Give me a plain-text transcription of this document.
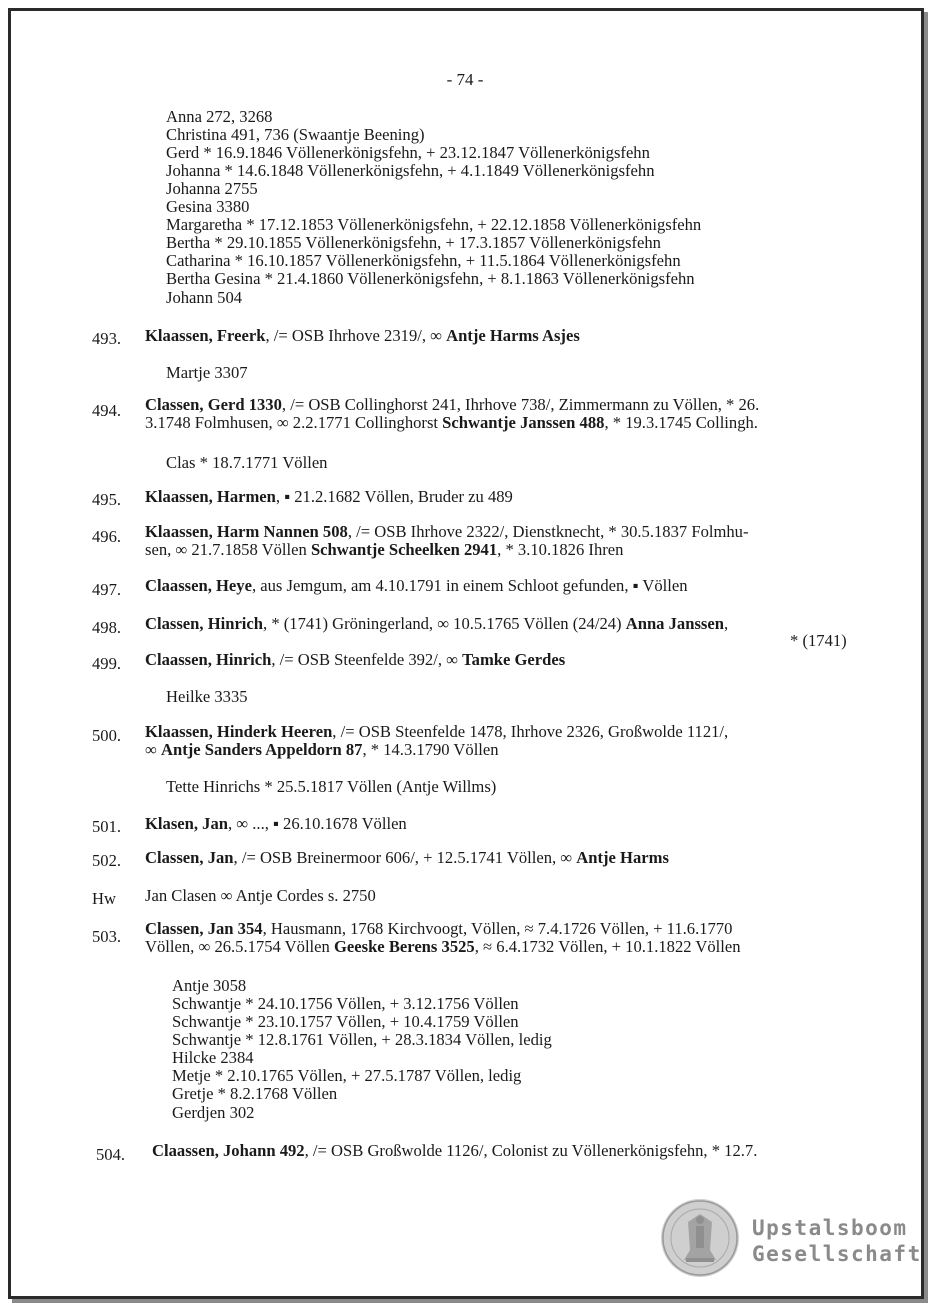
- 74 -
Anna 272, 3268
Christina 491, 736 (Swaantje Beening)
Gerd * 16.9.1846 Völlenerkönigsfehn, + 23.12.1847 Völlenerkönigsfehn
Johanna * 14.6.1848 Völlenerkönigsfehn, + 4.1.1849 Völlenerkönigsfehn
Johanna 2755
Gesina 3380
Margaretha * 17.12.1853 Völlenerkönigsfehn, + 22.12.1858 Völlenerkönigsfehn
Bertha * 29.10.1855 Völlenerkönigsfehn, + 17.3.1857 Völlenerkönigsfehn
Catharina * 16.10.1857 Völlenerkönigsfehn, + 11.5.1864 Völlenerkönigsfehn
Bertha Gesina * 21.4.1860 Völlenerkönigsfehn, + 8.1.1863 Völlenerkönigsfehn
Johann 504
493. Klaassen, Freerk, /= OSB Ihrhove 2319/, ∞ Antje Harms Asjes
Martje 3307
494. Classen, Gerd 1330, /= OSB Collinghorst 241, Ihrhove 738/, Zimmermann zu Völlen, * 26.
3.1748 Folmhusen, ∞ 2.2.1771 Collinghorst Schwantje Janssen 488, * 19.3.1745 Collingh.
Clas * 18.7.1771 Völlen
495. Klaassen, Harmen, ▪ 21.2.1682 Völlen, Bruder zu 489
496. Klaassen, Harm Nannen 508, /= OSB Ihrhove 2322/, Dienstknecht, * 30.5.1837 Folmhu-
sen, ∞ 21.7.1858 Völlen Schwantje Scheelken 2941, * 3.10.1826 Ihren
497. Claassen, Heye, aus Jemgum, am 4.10.1791 in einem Schloot gefunden, ▪ Völlen
498. Classen, Hinrich, * (1741) Gröningerland, ∞ 10.5.1765 Völlen (24/24) Anna Janssen,
* (1741)
499. Claassen, Hinrich, /= OSB Steenfelde 392/, ∞ Tamke Gerdes
Heilke 3335
500. Klaassen, Hinderk Heeren, /= OSB Steenfelde 1478, Ihrhove 2326, Großwolde 1121/,
∞ Antje Sanders Appeldorn 87, * 14.3.1790 Völlen
Tette Hinrichs * 25.5.1817 Völlen (Antje Willms)
501. Klasen, Jan, ∞ ..., ▪ 26.10.1678 Völlen
502. Classen, Jan, /= OSB Breinermoor 606/, + 12.5.1741 Völlen, ∞ Antje Harms
Hw Jan Clasen ∞ Antje Cordes s. 2750
503. Classen, Jan 354, Hausmann, 1768 Kirchvoogt, Völlen, ≈ 7.4.1726 Völlen, + 11.6.1770
Völlen, ∞ 26.5.1754 Völlen Geeske Berens 3525, ≈ 6.4.1732 Völlen, + 10.1.1822 Völlen
Antje 3058
Schwantje * 24.10.1756 Völlen, + 3.12.1756 Völlen
Schwantje * 23.10.1757 Völlen, + 10.4.1759 Völlen
Schwantje * 12.8.1761 Völlen, + 28.3.1834 Völlen, ledig
Hilcke 2384
Metje * 2.10.1765 Völlen, + 27.5.1787 Völlen, ledig
Gretje * 8.2.1768 Völlen
Gerdjen 302
504. Claassen, Johann 492, /= OSB Großwolde 1126/, Colonist zu Völlenerkönigsfehn, * 12.7.
Upstalsboom
Gesellschaft
